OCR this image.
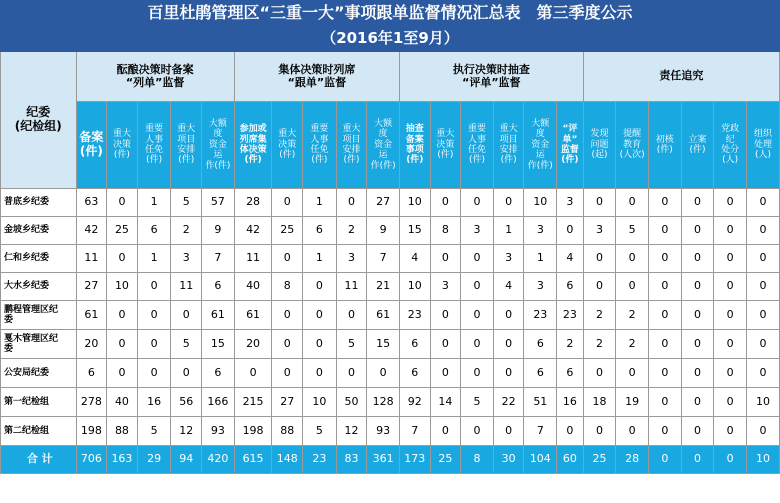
百里杜鹃管理区“三重一大”事项跟单监督情况汇总表　第三季度公示																						
（2016年1至9月）																						
纪委
(纪检组)	酝酿决策时备案
“列单”监督					集体决策时列席
“跟单”监督					执行决策时抽查
“评单”监督						责任追究					
	备案
(件)	重大
决策
(件)	重要
人事
任免
(件)	重大
项目
安排
(件)	大额
度
资金
运
作(件)	参加或
列席集
体决策
(件)	重大
决策
(件)	重要
人事
任免
(件)	重大
项目
安排
(件)	大额
度
资金
运
作(件)	抽查
备案
事项
(件)	重大
决策
(件)	重要
人事
任免
(件)	重大
项目
安排
(件)	大额
度
资金
运
作(件)	“评
单”
监督
(件)	发现
问题
(起)	提醒
教育
(人次)	初核
(件)	立案
(件)	党政
纪
处分
(人)	组织
处理
(人)
普底乡纪委	63	0	1	5	57	28	0	1	0	27	10	0	0	0	10	3	0	0	0	0	0	0
金坡乡纪委	42	25	6	2	9	42	25	6	2	9	15	8	3	1	3	0	3	5	0	0	0	0
仁和乡纪委	11	0	1	3	7	11	0	1	3	7	4	0	0	3	1	4	0	0	0	0	0	0
大水乡纪委	27	10	0	11	6	40	8	0	11	21	10	3	0	4	3	6	0	0	0	0	0	0
鹏程管理区纪
委	61	0	0	0	61	61	0	0	0	61	23	0	0	0	23	23	2	2	0	0	0	0
戛木管理区纪
委	20	0	0	5	15	20	0	0	5	15	6	0	0	0	6	2	2	2	0	0	0	0
公安局纪委	6	0	0	0	6	0	0	0	0	0	6	0	0	0	6	6	0	0	0	0	0	0
第一纪检组	278	40	16	56	166	215	27	10	50	128	92	14	5	22	51	16	18	19	0	0	0	10
第二纪检组	198	88	5	12	93	198	88	5	12	93	7	0	0	0	7	0	0	0	0	0	0	0
合 计	706	163	29	94	420	615	148	23	83	361	173	25	8	30	104	60	25	28	0	0	0	10
